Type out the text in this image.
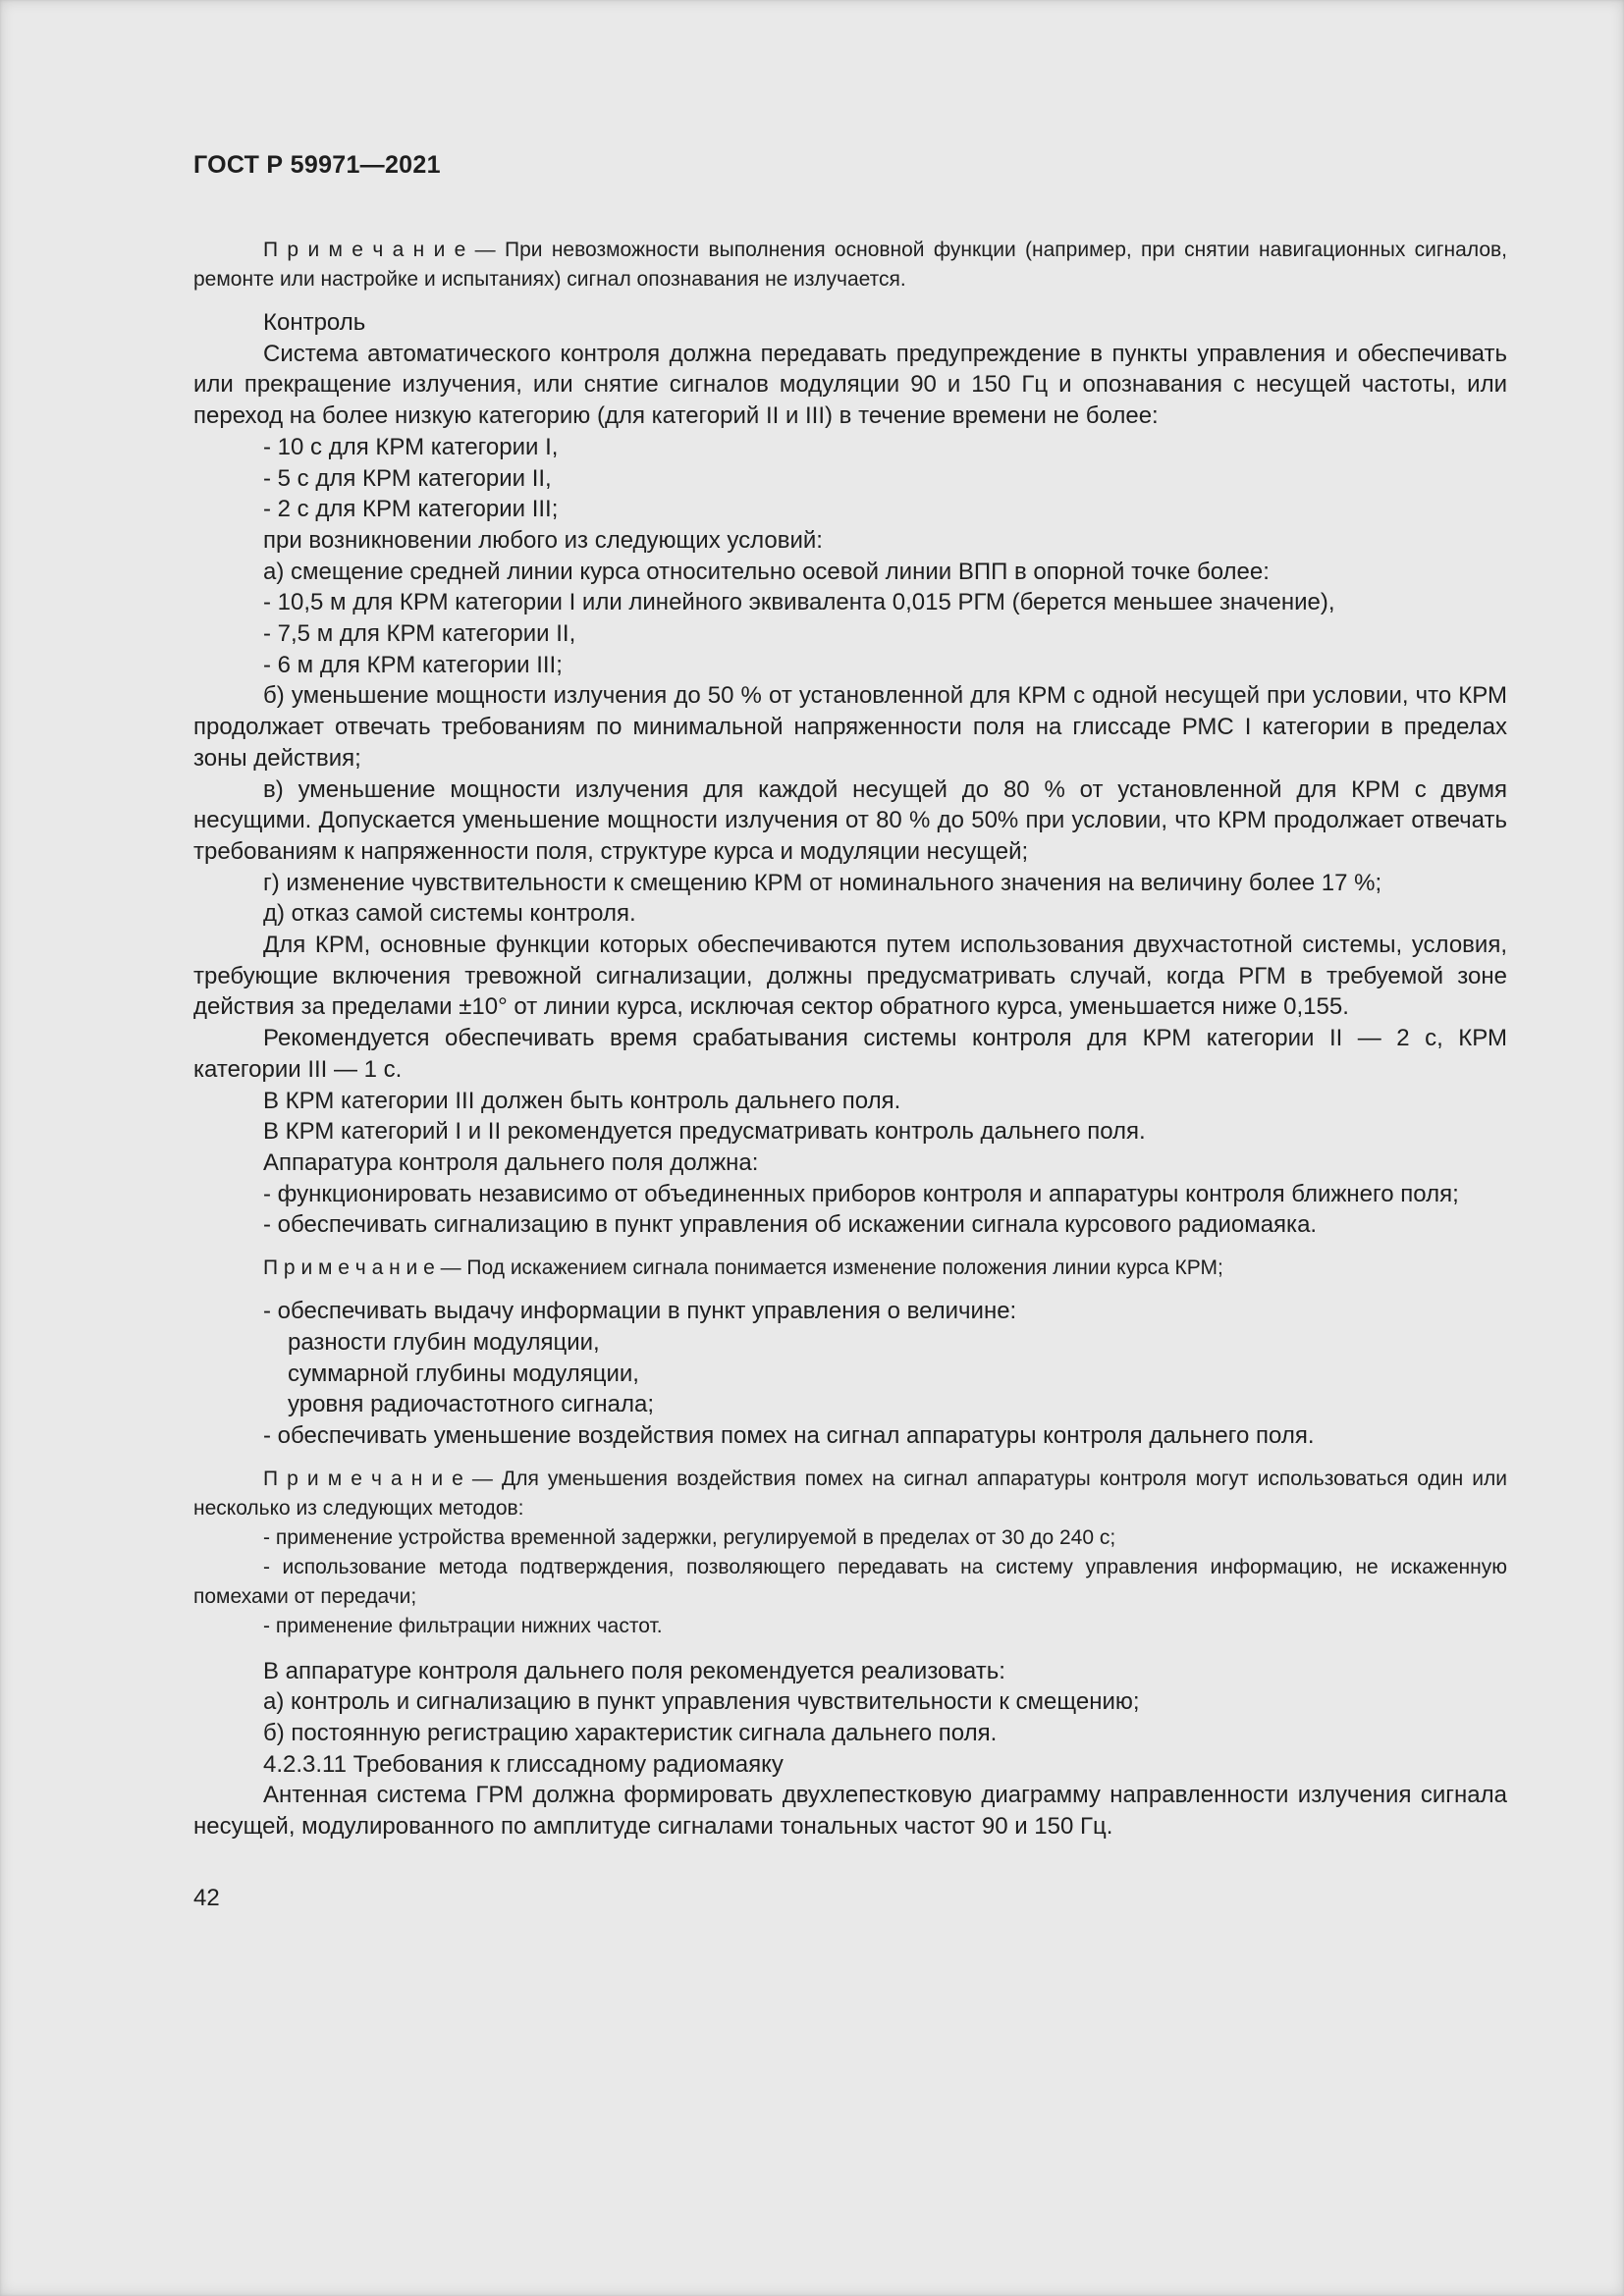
ГОСТ Р 59971—2021

П р и м е ч а н и е — При невозможности выполнения основной функции (например, при снятии навигационных сигналов, ремонте или настройке и испытаниях) сигнал опознавания не излучается.

Контроль

Система автоматического контроля должна передавать предупреждение в пункты управления и обеспечивать или прекращение излучения, или снятие сигналов модуляции 90 и 150 Гц и опознавания с несущей частоты, или переход на более низкую категорию (для категорий II и III) в течение времени не более:

- 10 с для КРМ категории I,

- 5 с для КРМ категории II,

- 2 с для КРМ категории III;

при возникновении любого из следующих условий:

а) смещение средней линии курса относительно осевой линии ВПП в опорной точке более:

- 10,5 м для КРМ категории I или линейного эквивалента 0,015 РГМ (берется меньшее значение),

- 7,5 м для КРМ категории II,

- 6 м для КРМ категории III;

б) уменьшение мощности излучения до 50 % от установленной для КРМ с одной несущей при условии, что КРМ продолжает отвечать требованиям по минимальной напряженности поля на глиссаде РМС I категории в пределах зоны действия;

в) уменьшение мощности излучения для каждой несущей до 80 % от установленной для КРМ с двумя несущими. Допускается уменьшение мощности излучения от 80 % до 50% при условии, что КРМ продолжает отвечать требованиям к напряженности поля, структуре курса и модуляции несущей;

г) изменение чувствительности к смещению КРМ от номинального значения на величину более 17 %;

д) отказ самой системы контроля.

Для КРМ, основные функции которых обеспечиваются путем использования двухчастотной системы, условия, требующие включения тревожной сигнализации, должны предусматривать случай, когда РГМ в требуемой зоне действия за пределами ±10° от линии курса, исключая сектор обратного курса, уменьшается ниже 0,155.

Рекомендуется обеспечивать время срабатывания системы контроля для КРМ категории II — 2 с, КРМ категории III — 1 с.

В КРМ категории III должен быть контроль дальнего поля.

В КРМ категорий I и II рекомендуется предусматривать контроль дальнего поля.

Аппаратура контроля дальнего поля должна:

- функционировать независимо от объединенных приборов контроля и аппаратуры контроля ближнего поля;

- обеспечивать сигнализацию в пункт управления об искажении сигнала курсового радиомаяка.

П р и м е ч а н и е — Под искажением сигнала понимается изменение положения линии курса КРМ;

- обеспечивать выдачу информации в пункт управления о величине:

разности глубин модуляции,

суммарной глубины модуляции,

уровня радиочастотного сигнала;

- обеспечивать уменьшение воздействия помех на сигнал аппаратуры контроля дальнего поля.

П р и м е ч а н и е — Для уменьшения воздействия помех на сигнал аппаратуры контроля могут использоваться один или несколько из следующих методов:

- применение устройства временной задержки, регулируемой в пределах от 30 до 240 с;

- использование метода подтверждения, позволяющего передавать на систему управления информацию, не искаженную помехами от передачи;

- применение фильтрации нижних частот.

В аппаратуре контроля дальнего поля рекомендуется реализовать:

а) контроль и сигнализацию в пункт управления чувствительности к смещению;

б) постоянную регистрацию характеристик сигнала дальнего поля.

4.2.3.11 Требования к глиссадному радиомаяку

Антенная система ГРМ должна формировать двухлепестковую диаграмму направленности излучения сигнала несущей, модулированного по амплитуде сигналами тональных частот 90 и 150 Гц.

42
